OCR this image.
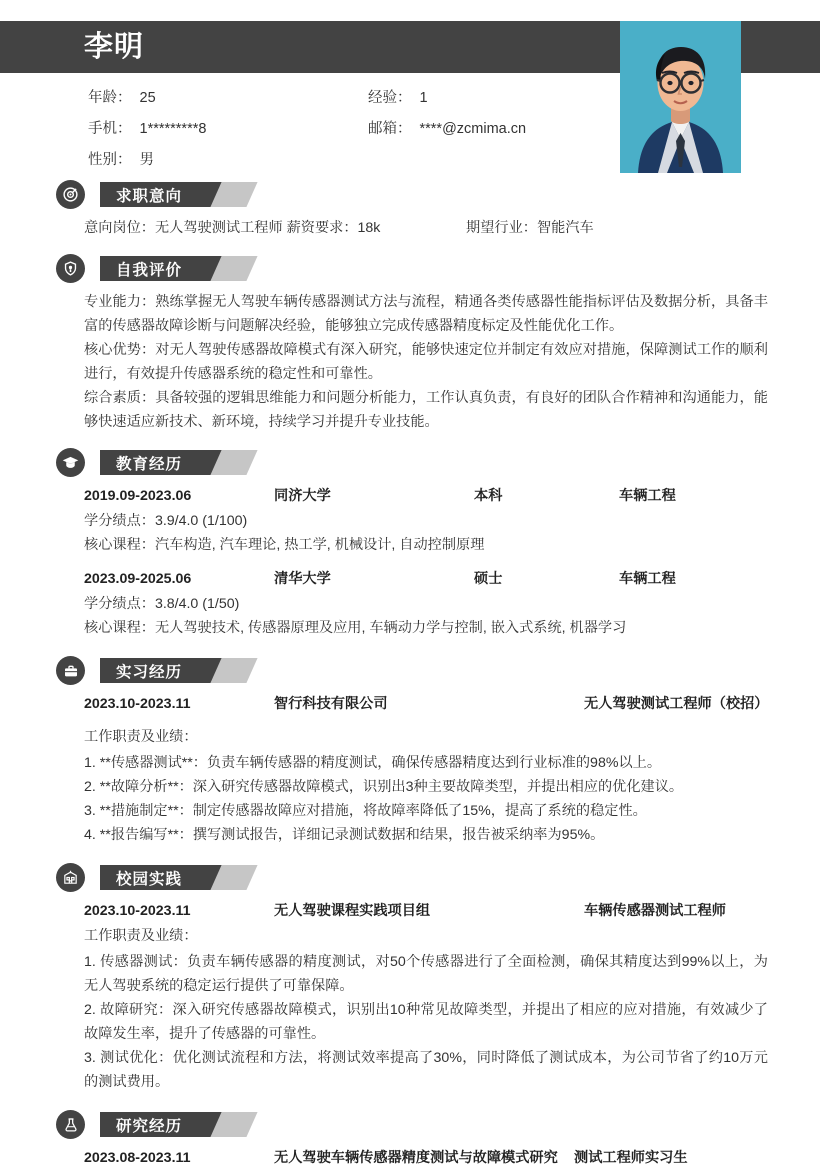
李明
年龄： 25	经验： 1
手机： 1*********8	邮箱： ****@zcmima.cn
性别： 男
求职意向
意向岗位：无人驾驶测试工程师 薪资要求：18k	期望行业：智能汽车
自我评价
专业能力：熟练掌握无人驾驶车辆传感器测试方法与流程，精通各类传感器性能指标评估及数据分析，具备丰富的传感器故障诊断与问题解决经验，能够独立完成传感器精度标定及性能优化工作。
核心优势：对无人驾驶传感器故障模式有深入研究，能够快速定位并制定有效应对措施，保障测试工作的顺利进行，有效提升传感器系统的稳定性和可靠性。
综合素质：具备较强的逻辑思维能力和问题分析能力，工作认真负责，有良好的团队合作精神和沟通能力，能够快速适应新技术、新环境，持续学习并提升专业技能。
教育经历
2019.09-2023.06	同济大学	本科	车辆工程
学分绩点：3.9/4.0 (1/100)
核心课程：汽车构造, 汽车理论, 热工学, 机械设计, 自动控制原理
2023.09-2025.06	清华大学	硕士	车辆工程
学分绩点：3.8/4.0 (1/50)
核心课程：无人驾驶技术, 传感器原理及应用, 车辆动力学与控制, 嵌入式系统, 机器学习
实习经历
2023.10-2023.11	智行科技有限公司	无人驾驶测试工程师（校招）
工作职责及业绩：
1. **传感器测试**：负责车辆传感器的精度测试，确保传感器精度达到行业标准的98%以上。
2. **故障分析**：深入研究传感器故障模式，识别出3种主要故障类型，并提出相应的优化建议。
3. **措施制定**：制定传感器故障应对措施，将故障率降低了15%，提高了系统的稳定性。
4. **报告编写**：撰写测试报告，详细记录测试数据和结果，报告被采纳率为95%。
校园实践
2023.10-2023.11	无人驾驶课程实践项目组	车辆传感器测试工程师
工作职责及业绩：
1. 传感器测试：负责车辆传感器的精度测试，对50个传感器进行了全面检测，确保其精度达到99%以上，为无人驾驶系统的稳定运行提供了可靠保障。
2. 故障研究：深入研究传感器故障模式，识别出10种常见故障类型，并提出了相应的应对措施，有效减少了故障发生率，提升了传感器的可靠性。
3. 测试优化：优化测试流程和方法，将测试效率提高了30%，同时降低了测试成本，为公司节省了约10万元的测试费用。
研究经历
2023.08-2023.11	无人驾驶车辆传感器精度测试与故障模式研究	测试工程师实习生
